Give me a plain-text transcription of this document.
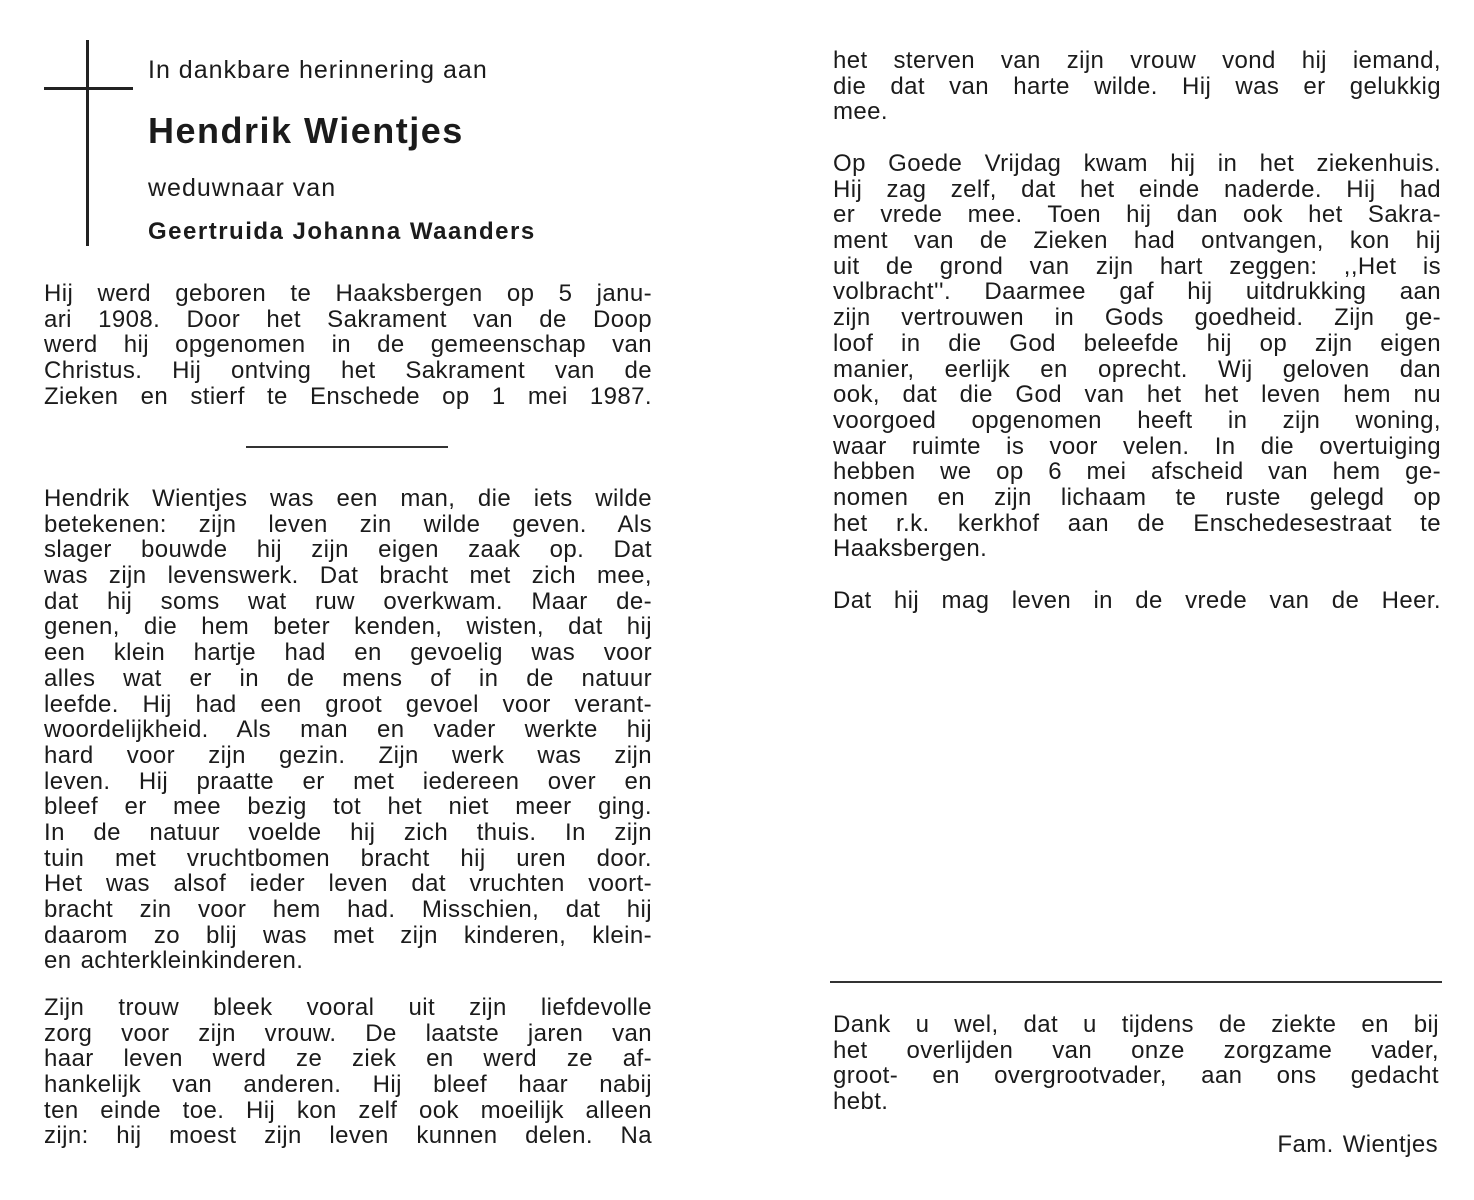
In dankbare herinnering aan
Hendrik Wientjes
weduwnaar van
Geertruida Johanna Waanders
Hij werd geboren te Haaksbergen op 5 janu-
ari 1908. Door het Sakrament van de Doop
werd hij opgenomen in de gemeenschap van
Christus. Hij ontving het Sakrament van de
Zieken en stierf te Enschede op 1 mei 1987.
Hendrik Wientjes was een man, die iets wilde
betekenen: zijn leven zin wilde geven. Als
slager bouwde hij zijn eigen zaak op. Dat
was zijn levenswerk. Dat bracht met zich mee,
dat hij soms wat ruw overkwam. Maar de-
genen, die hem beter kenden, wisten, dat hij
een klein hartje had en gevoelig was voor
alles wat er in de mens of in de natuur
leefde. Hij had een groot gevoel voor verant-
woordelijkheid. Als man en vader werkte hij
hard voor zijn gezin. Zijn werk was zijn
leven. Hij praatte er met iedereen over en
bleef er mee bezig tot het niet meer ging.
In de natuur voelde hij zich thuis. In zijn
tuin met vruchtbomen bracht hij uren door.
Het was alsof ieder leven dat vruchten voort-
bracht zin voor hem had. Misschien, dat hij
daarom zo blij was met zijn kinderen, klein-
en achterkleinkinderen.
Zijn trouw bleek vooral uit zijn liefdevolle
zorg voor zijn vrouw. De laatste jaren van
haar leven werd ze ziek en werd ze af-
hankelijk van anderen. Hij bleef haar nabij
ten einde toe. Hij kon zelf ook moeilijk alleen
zijn: hij moest zijn leven kunnen delen. Na
het sterven van zijn vrouw vond hij iemand,
die dat van harte wilde. Hij was er gelukkig
mee.
Op Goede Vrijdag kwam hij in het ziekenhuis.
Hij zag zelf, dat het einde naderde. Hij had
er vrede mee. Toen hij dan ook het Sakra-
ment van de Zieken had ontvangen, kon hij
uit de grond van zijn hart zeggen: ,,Het is
volbracht''. Daarmee gaf hij uitdrukking aan
zijn vertrouwen in Gods goedheid. Zijn ge-
loof in die God beleefde hij op zijn eigen
manier, eerlijk en oprecht. Wij geloven dan
ook, dat die God van het het leven hem nu
voorgoed opgenomen heeft in zijn woning,
waar ruimte is voor velen. In die overtuiging
hebben we op 6 mei afscheid van hem ge-
nomen en zijn lichaam te ruste gelegd op
het r.k. kerkhof aan de Enschedesestraat te
Haaksbergen.
Dat hij mag leven in de vrede van de Heer.
Dank u wel, dat u tijdens de ziekte en bij
het overlijden van onze zorgzame vader,
groot- en overgrootvader, aan ons gedacht
hebt.
Fam. Wientjes
